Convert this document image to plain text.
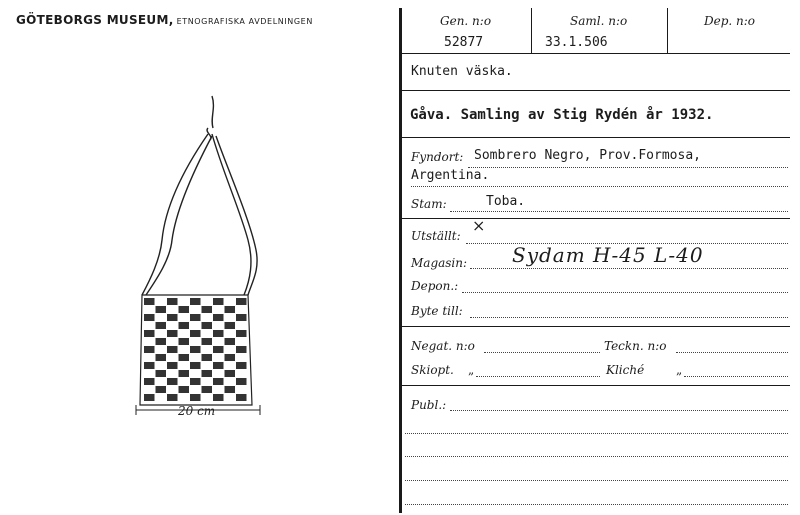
GÖTEBORGS MUSEUM, ETNOGRAFISKA AVDELNINGEN
20 cm
Gen. n:o	Saml. n:o	Dep. n:o
52877	33.1.506
Knuten väska.
Gåva. Samling av Stig Rydén år 1932.
Fyndort: Sombrero Negro, Prov.Formosa,
Argentina.
Stam:	Toba.
Utställt:
×
Magasin: Sydam H-45 L-40
Depon.:
Byte till:
Negat. n:o	Teckn. n:o
Skiopt. „	Kliché	„
Publ.:
